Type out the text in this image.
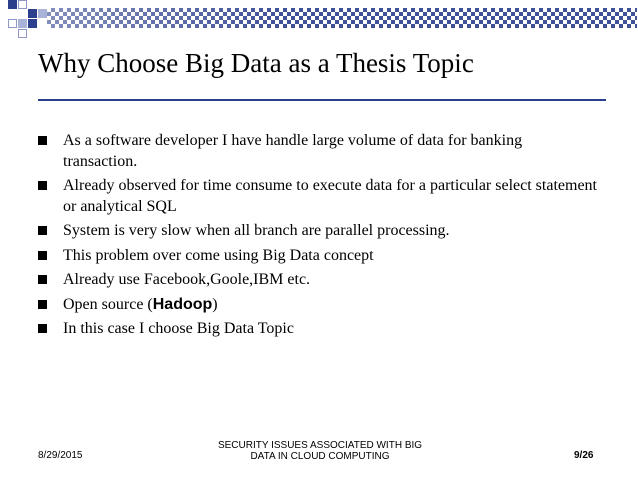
Why Choose Big Data as a Thesis Topic
As a software developer I have handle large volume of data for banking transaction.
Already observed for time consume to execute data for a particular select statement or analytical SQL
System is very slow when all branch are parallel processing.
This problem over come using Big Data concept
Already use Facebook,Goole,IBM etc.
Open source (Hadoop)
In this case I choose Big Data Topic
8/29/2015
SECURITY ISSUES ASSOCIATED WITH BIG
DATA IN CLOUD COMPUTING	9/26
